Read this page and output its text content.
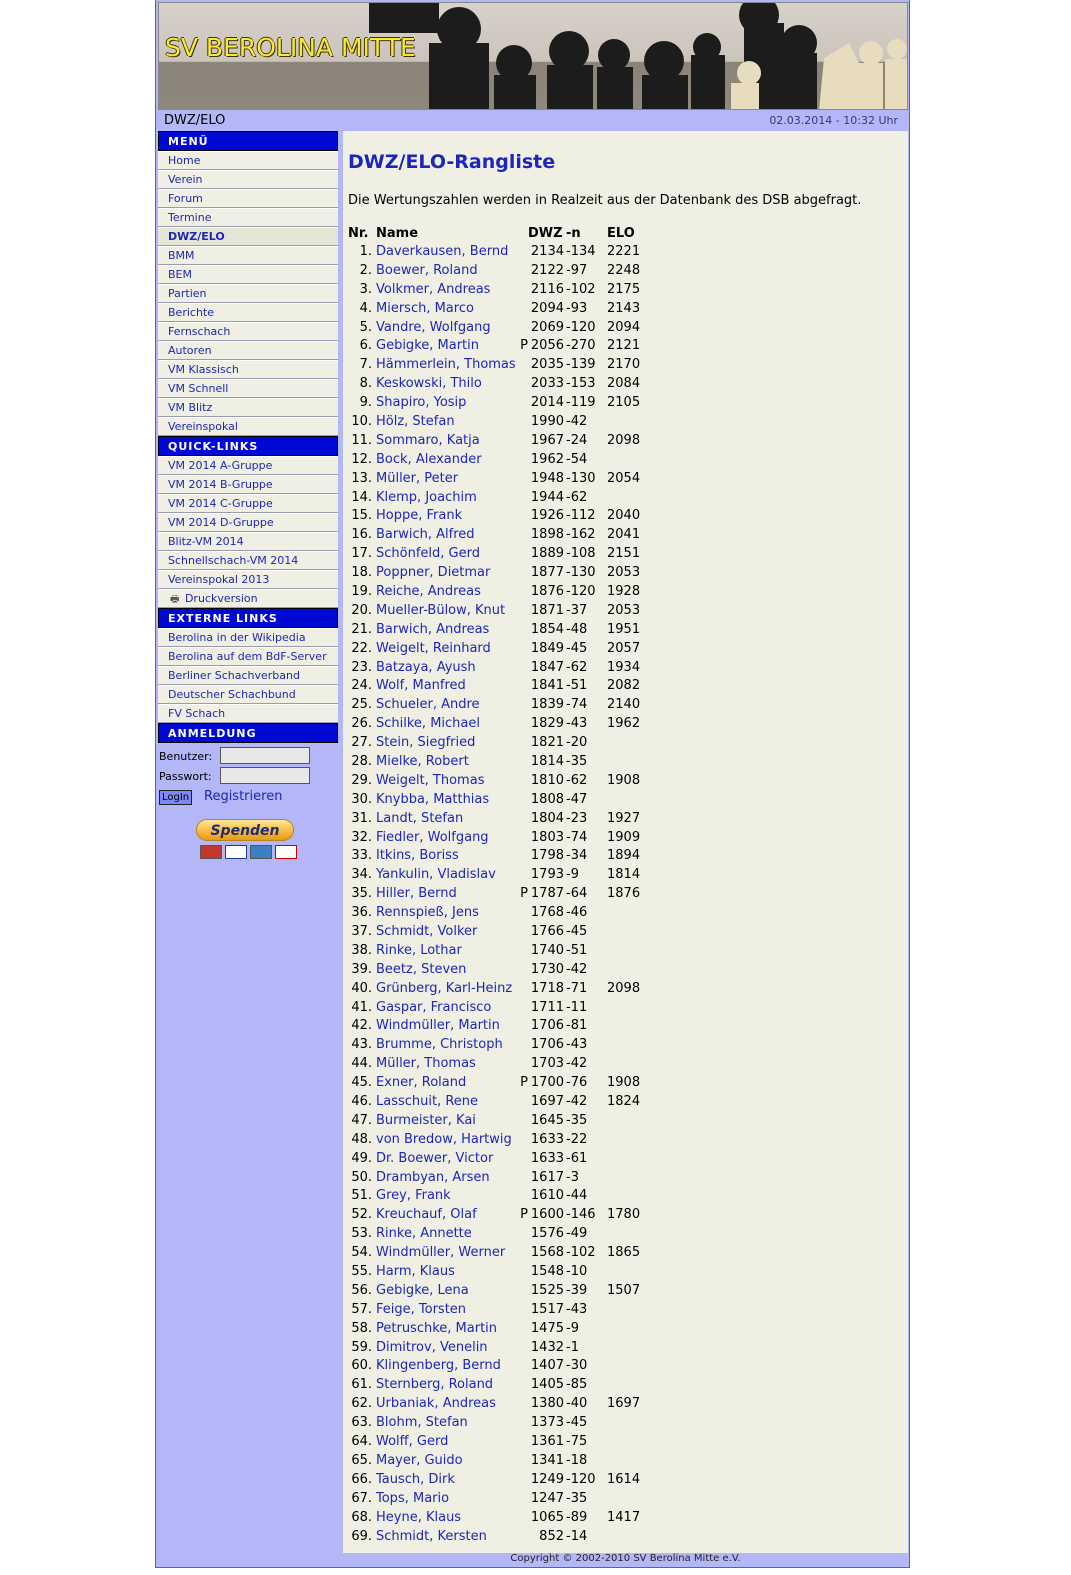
SV BEROLINA MITTE
DWZ/ELO	02.03.2014 - 10:32 Uhr
MENÜ
Home
Verein
Forum
Termine
DWZ/ELO
BMM
BEM
Partien
Berichte
Fernschach
Autoren
VM Klassisch
VM Schnell
VM Blitz
Vereinspokal
QUICK-LINKS
VM 2014 A-Gruppe
VM 2014 B-Gruppe
VM 2014 C-Gruppe
VM 2014 D-Gruppe
Blitz-VM 2014
Schnellschach-VM 2014
Vereinspokal 2013
🖶 Druckversion
EXTERNE LINKS
Berolina in der Wikipedia
Berolina auf dem BdF-Server
Berliner Schachverband
Deutscher Schachbund
FV Schach
ANMELDUNG
Benutzer:
Passwort:
LogIn Registrieren
Spenden
DWZ/ELO-Rangliste
Die Wertungszahlen werden in Realzeit aus der Datenbank des DSB abgefragt.
Nr.	Name		DWZ	-n	ELO
1.	Daverkausen, Bernd		2134	-134	2221
2.	Boewer, Roland		2122	-97	2248
3.	Volkmer, Andreas		2116	-102	2175
4.	Miersch, Marco		2094	-93	2143
5.	Vandre, Wolfgang		2069	-120	2094
6.	Gebigke, Martin	P	2056	-270	2121
7.	Hämmerlein, Thomas		2035	-139	2170
8.	Keskowski, Thilo		2033	-153	2084
9.	Shapiro, Yosip		2014	-119	2105
10.	Hölz, Stefan		1990	-42	
11.	Sommaro, Katja		1967	-24	2098
12.	Bock, Alexander		1962	-54	
13.	Müller, Peter		1948	-130	2054
14.	Klemp, Joachim		1944	-62	
15.	Hoppe, Frank		1926	-112	2040
16.	Barwich, Alfred		1898	-162	2041
17.	Schönfeld, Gerd		1889	-108	2151
18.	Poppner, Dietmar		1877	-130	2053
19.	Reiche, Andreas		1876	-120	1928
20.	Mueller-Bülow, Knut		1871	-37	2053
21.	Barwich, Andreas		1854	-48	1951
22.	Weigelt, Reinhard		1849	-45	2057
23.	Batzaya, Ayush		1847	-62	1934
24.	Wolf, Manfred		1841	-51	2082
25.	Schueler, Andre		1839	-74	2140
26.	Schilke, Michael		1829	-43	1962
27.	Stein, Siegfried		1821	-20	
28.	Mielke, Robert		1814	-35	
29.	Weigelt, Thomas		1810	-62	1908
30.	Knybba, Matthias		1808	-47	
31.	Landt, Stefan		1804	-23	1927
32.	Fiedler, Wolfgang		1803	-74	1909
33.	Itkins, Boriss		1798	-34	1894
34.	Yankulin, Vladislav		1793	-9	1814
35.	Hiller, Bernd	P	1787	-64	1876
36.	Rennspieß, Jens		1768	-46	
37.	Schmidt, Volker		1766	-45	
38.	Rinke, Lothar		1740	-51	
39.	Beetz, Steven		1730	-42	
40.	Grünberg, Karl-Heinz		1718	-71	2098
41.	Gaspar, Francisco		1711	-11	
42.	Windmüller, Martin		1706	-81	
43.	Brumme, Christoph		1706	-43	
44.	Müller, Thomas		1703	-42	
45.	Exner, Roland	P	1700	-76	1908
46.	Lasschuit, Rene		1697	-42	1824
47.	Burmeister, Kai		1645	-35	
48.	von Bredow, Hartwig		1633	-22	
49.	Dr. Boewer, Victor		1633	-61	
50.	Drambyan, Arsen		1617	-3	
51.	Grey, Frank		1610	-44	
52.	Kreuchauf, Olaf	P	1600	-146	1780
53.	Rinke, Annette		1576	-49	
54.	Windmüller, Werner		1568	-102	1865
55.	Harm, Klaus		1548	-10	
56.	Gebigke, Lena		1525	-39	1507
57.	Feige, Torsten		1517	-43	
58.	Petruschke, Martin		1475	-9	
59.	Dimitrov, Venelin		1432	-1	
60.	Klingenberg, Bernd		1407	-30	
61.	Sternberg, Roland		1405	-85	
62.	Urbaniak, Andreas		1380	-40	1697
63.	Blohm, Stefan		1373	-45	
64.	Wolff, Gerd		1361	-75	
65.	Mayer, Guido		1341	-18	
66.	Tausch, Dirk		1249	-120	1614
67.	Tops, Mario		1247	-35	
68.	Heyne, Klaus		1065	-89	1417
69.	Schmidt, Kersten		852	-14	
Copyright © 2002-2010 SV Berolina Mitte e.V.
